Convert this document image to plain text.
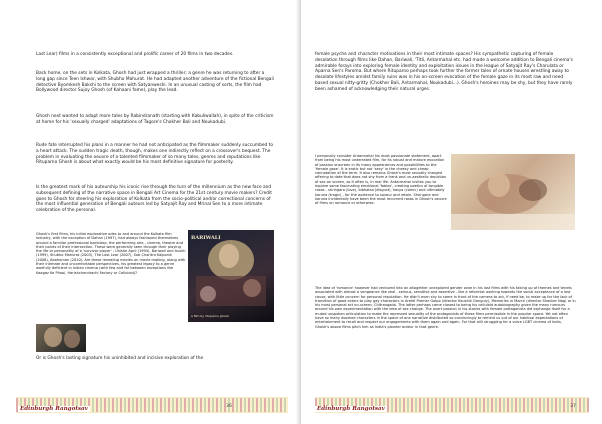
Last Lear) films in a consistently exceptional and prolific career of 20 films in two decades.

Back home, on the sets in Kolkata, Ghosh had just wrapped a thriller; a genre he was returning to after a long gap since Teen Ishwar, with Shubho Mahurat. He had adapted another adventure of the fictional Bengali detective Byomkesh Bakshi to the screen with Satyanweshi. In an unusual casting of sorts, the film had Bollywood director Sujoy Ghosh (of Kahaani fame), play the lead.

Ghosh next wanted to adapt more tales by Rabindranath (starting with Kabuliwallah), in spite of the criticism at home for his 'sexually charged' adaptations of Tagore's Chokher Bali and Noukadubi.

Rude fate interrupted his plans in a manner he had not anticipated as the filmmaker suddenly succumbed to a heart attack. The sudden tragic death, though, makes one indirectly reflect on a crossover's bequest. The problem in evaluating the oeuvre of a talented filmmaker of so many tales, genres and reputations like Rituparno Ghosh is about what exactly would be his most definitive signature for posterity.

Is the greatest mark of his auteurship his iconic rise through the turn of the millennium as the new face and subsequent defining of the narrative space in Bengali Art Cinema for the 21st century movie makers? Credit goes to Ghosh for steering his exploration of Kolkata from the socio-political and/or correctional concerns of the most influential generation of Bengali auteurs led by Satyajit Ray and Mrinal Sen to a more intimate celebration of the personal.

Ghosh's first films, his initial explorative odes to and around the Kolkata film industry, with the exception of Dahan (1997), had always fashioned themselves around a familiar professional backdrop, the performing arts - cinema, theatre and their points of their intersection. These were generally seen through their playing the life or personality of a 'survivor player' - Unishe April (1994), Bariwali and Asukh (1999), Shubho Mahurat (2003), The Last Lear (2007), Sob Charitro Kalponik (2008), Abohoman (2010). Are these revealing movies on movie making, along with their intimate and uncomfortable perspectives, his greatest legacy to a genre woefully deficient in Indian cinema (with few and far between exceptions like Kaagaz Ke Phool, Harishchandrachi Factory or Celluloid)?

BARIWALI
a film by rituparno ghosh

Or is Ghosh's lasting signature his uninhibited and incisive exploration of the

Edinburgh Rangotsav	36

female psyche and character motivations in their most intimate spaces? His sympathetic capturing of female desolation through films like Dahan, Bariwali, 'Titli, Antarmahal etc. had made a welcome addition to Bengali cinema's admirable forays into exploring female identity and exploitation issues in the league of Satyajit Ray's Charulata or Aparna Sen's Paroma. But where Rituparno perhaps took further the former tales of ornate houses wrestling away to desolate lifestyles amidst family ruins was in his on-screen evocation of the female gaze in its most raw and need based sexual nitty-gritty (Chokher Bali, Antarmahal, Noukadubi...). Ghosh's heroines may be shy, but they have rarely been ashamed of acknowledging their natural urges.

I personally consider Antarmahal his most passionate statement, apart from being his most underrated film, for its robust and mature evocation of passion onscreen in its many appearances and possibilities to the 'female gaze'. It is erotic but not 'sexy' in the cheesy and cheap connotation of the term. It also remains Ghosh's most sexually charged offering to date that does not shy from a frank and un-aesthetic depiction of sex on screen, as it often is, in real life. Antarmahal invites you to explore some fascinating emotional 'fables', creating poetics of tangible rasas - shringara (love), bibhatsa (disgust), hasya (comic) and ultimately karuna (tragic) - for the audience to savour and retain. Shringara and karuna incidentally have been the most recurrent rasas in Ghosh's oeuvre of films on romance or otherwise.

The idea of 'romance' however had ventured into an altogether unexplored gender zone in his last films with his taking up of themes and tenets associated with almost a vengeance like zeal - serious, sensitive and assertive - like a reformist working towards the social acceptance of a lost cause, with little concern for personal reputation. He didn't even shy to come in front of the camera to act, if need be, to make up for the lack of transition of good actors to play gay characters in Arekti Premer Golpo (director Kaushik Ganguly), Memories in March (director Shanker Nag) or in his most personal act on-screen, Chitrangada. The latter perhaps came closest to being his celluloid autobiography given the many rumours around his own experimentation with the idea of sex change. The overt passion in his stories with female protagonists did exchange itself for a muted unspoken articulation to make the repressed sexuality of the protagonists of these films permissible in the popular space. Yet not often have so many doomed characters in the space of one narrative distributed so convincingly to remind us out of our habitual expectations of entertainment to recall and respect our engagements with them again and again. For that still struggling for a voice LGBT cinema of India, Ghosh's above films pitch him as India's pioneer auteur in that genre.

Edinburgh Rangotsav	37
